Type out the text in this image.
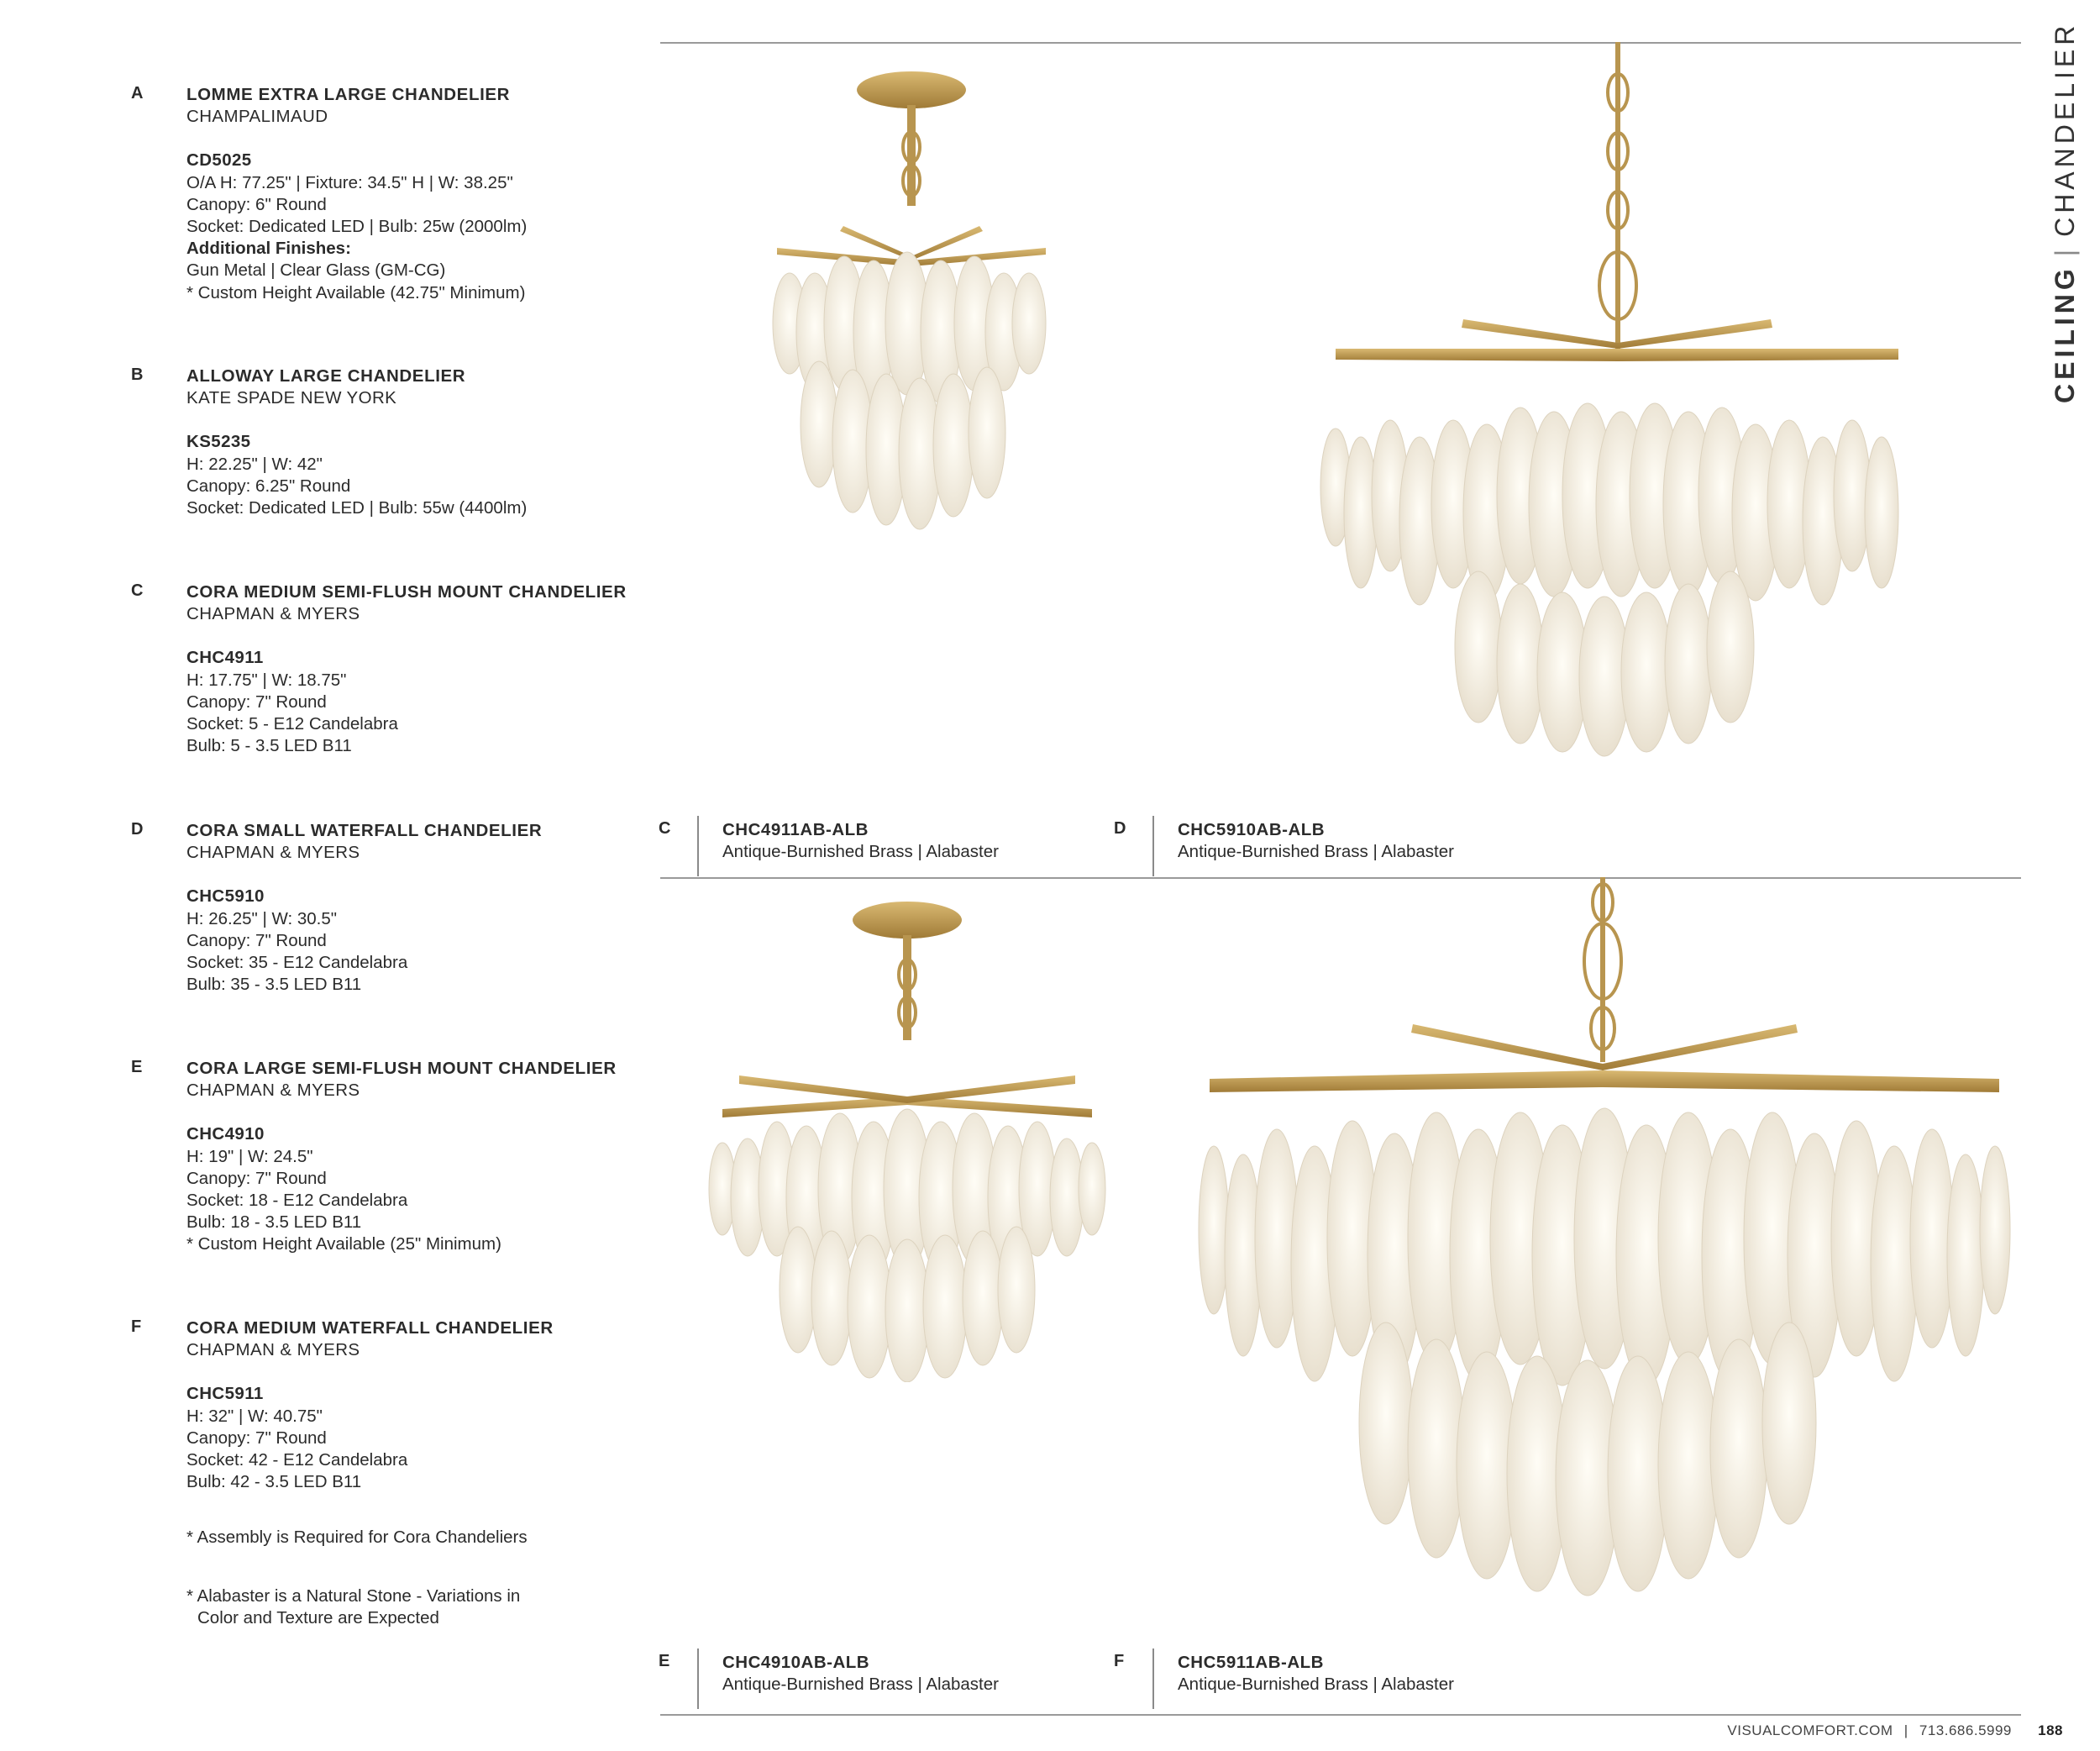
A LOMME EXTRA LARGE CHANDELIER
CHAMPALIMAUD
CD5025
O/A H: 77.25" | Fixture: 34.5" H | W: 38.25"
Canopy: 6" Round
Socket: Dedicated LED | Bulb: 25w (2000lm)
Additional Finishes:
Gun Metal | Clear Glass (GM-CG)
* Custom Height Available (42.75" Minimum)
B ALLOWAY LARGE CHANDELIER
KATE SPADE NEW YORK
KS5235
H: 22.25" | W: 42"
Canopy: 6.25" Round
Socket: Dedicated LED | Bulb: 55w (4400lm)
C CORA MEDIUM SEMI-FLUSH MOUNT CHANDELIER
CHAPMAN & MYERS
CHC4911
H: 17.75" | W: 18.75"
Canopy: 7" Round
Socket: 5 - E12 Candelabra
Bulb: 5 - 3.5 LED B11
D CORA SMALL WATERFALL CHANDELIER
CHAPMAN & MYERS
CHC5910
H: 26.25" | W: 30.5"
Canopy: 7" Round
Socket: 35 - E12 Candelabra
Bulb: 35 - 3.5 LED B11
E	CORA LARGE SEMI-FLUSH MOUNT CHANDELIER
CHAPMAN & MYERS
CHC4910
H: 19" | W: 24.5"
Canopy: 7" Round
Socket: 18 - E12 Candelabra
Bulb: 18 - 3.5 LED B11
* Custom Height Available (25" Minimum)
F	CORA MEDIUM WATERFALL CHANDELIER
CHAPMAN & MYERS
CHC5911
H: 32" | W: 40.75"
Canopy: 7" Round
Socket: 42 - E12 Candelabra
Bulb: 42 - 3.5 LED B11
* Assembly is Required for Cora Chandeliers
* Alabaster is a Natural Stone - Variations in
Color and Texture are Expected
C	CHC4911AB-ALB
Antique-Burnished Brass | Alabaster
D	CHC5910AB-ALB
Antique-Burnished Brass | Alabaster
E	CHC4910AB-ALB
Antique-Burnished Brass | Alabaster
F	CHC5911AB-ALB
Antique-Burnished Brass | Alabaster
CEILING|CHANDELIER
VISUALCOMFORT.COM | 713.686.5999 188
